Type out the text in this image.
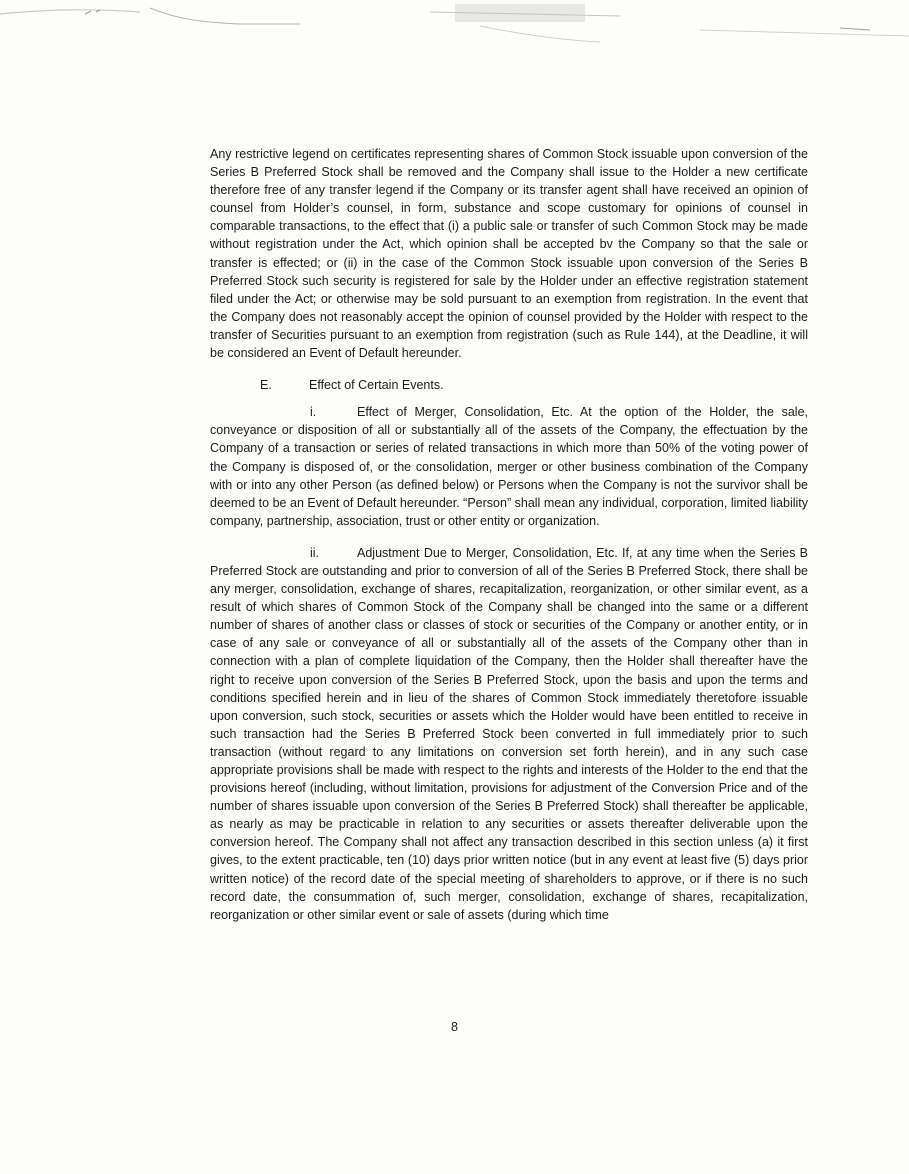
Any restrictive legend on certificates representing shares of Common Stock issuable upon conversion of the Series B Preferred Stock shall be removed and the Company shall issue to the Holder a new certificate therefore free of any transfer legend if the Company or its transfer agent shall have received an opinion of counsel from Holder’s counsel, in form, substance and scope customary for opinions of counsel in comparable transactions, to the effect that (i) a public sale or transfer of such Common Stock may be made without registration under the Act, which opinion shall be accepted bv the Company so that the sale or transfer is effected; or (ii) in the case of the Common Stock issuable upon conversion of the Series B Preferred Stock such security is registered for sale by the Holder under an effective registration statement filed under the Act; or otherwise may be sold pursuant to an exemption from registration. In the event that the Company does not reasonably accept the opinion of counsel provided by the Holder with respect to the transfer of Securities pursuant to an exemption from registration (such as Rule 144), at the Deadline, it will be considered an Event of Default hereunder.

E.	Effect of Certain Events.

i.	Effect of Merger, Consolidation, Etc. At the option of the Holder, the sale, conveyance or disposition of all or substantially all of the assets of the Company, the effectuation by the Company of a transaction or series of related transactions in which more than 50% of the voting power of the Company is disposed of, or the consolidation, merger or other business combination of the Company with or into any other Person (as defined below) or Persons when the Company is not the survivor shall be deemed to be an Event of Default hereunder. “Person” shall mean any individual, corporation, limited liability company, partnership, association, trust or other entity or organization.

ii.	Adjustment Due to Merger, Consolidation, Etc. If, at any time when the Series B Preferred Stock are outstanding and prior to conversion of all of the Series B Preferred Stock, there shall be any merger, consolidation, exchange of shares, recapitalization, reorganization, or other similar event, as a result of which shares of Common Stock of the Company shall be changed into the same or a different number of shares of another class or classes of stock or securities of the Company or another entity, or in case of any sale or conveyance of all or substantially all of the assets of the Company other than in connection with a plan of complete liquidation of the Company, then the Holder shall thereafter have the right to receive upon conversion of the Series B Preferred Stock, upon the basis and upon the terms and conditions specified herein and in lieu of the shares of Common Stock immediately theretofore issuable upon conversion, such stock, securities or assets which the Holder would have been entitled to receive in such transaction had the Series B Preferred Stock been converted in full immediately prior to such transaction (without regard to any limitations on conversion set forth herein), and in any such case appropriate provisions shall be made with respect to the rights and interests of the Holder to the end that the provisions hereof (including, without limitation, provisions for adjustment of the Conversion Price and of the number of shares issuable upon conversion of the Series B Preferred Stock) shall thereafter be applicable, as nearly as may be practicable in relation to any securities or assets thereafter deliverable upon the conversion hereof. The Company shall not affect any transaction described in this section unless (a) it first gives, to the extent practicable, ten (10) days prior written notice (but in any event at least five (5) days prior written notice) of the record date of the special meeting of shareholders to approve, or if there is no such record date, the consummation of, such merger, consolidation, exchange of shares, recapitalization, reorganization or other similar event or sale of assets (during which time

8
